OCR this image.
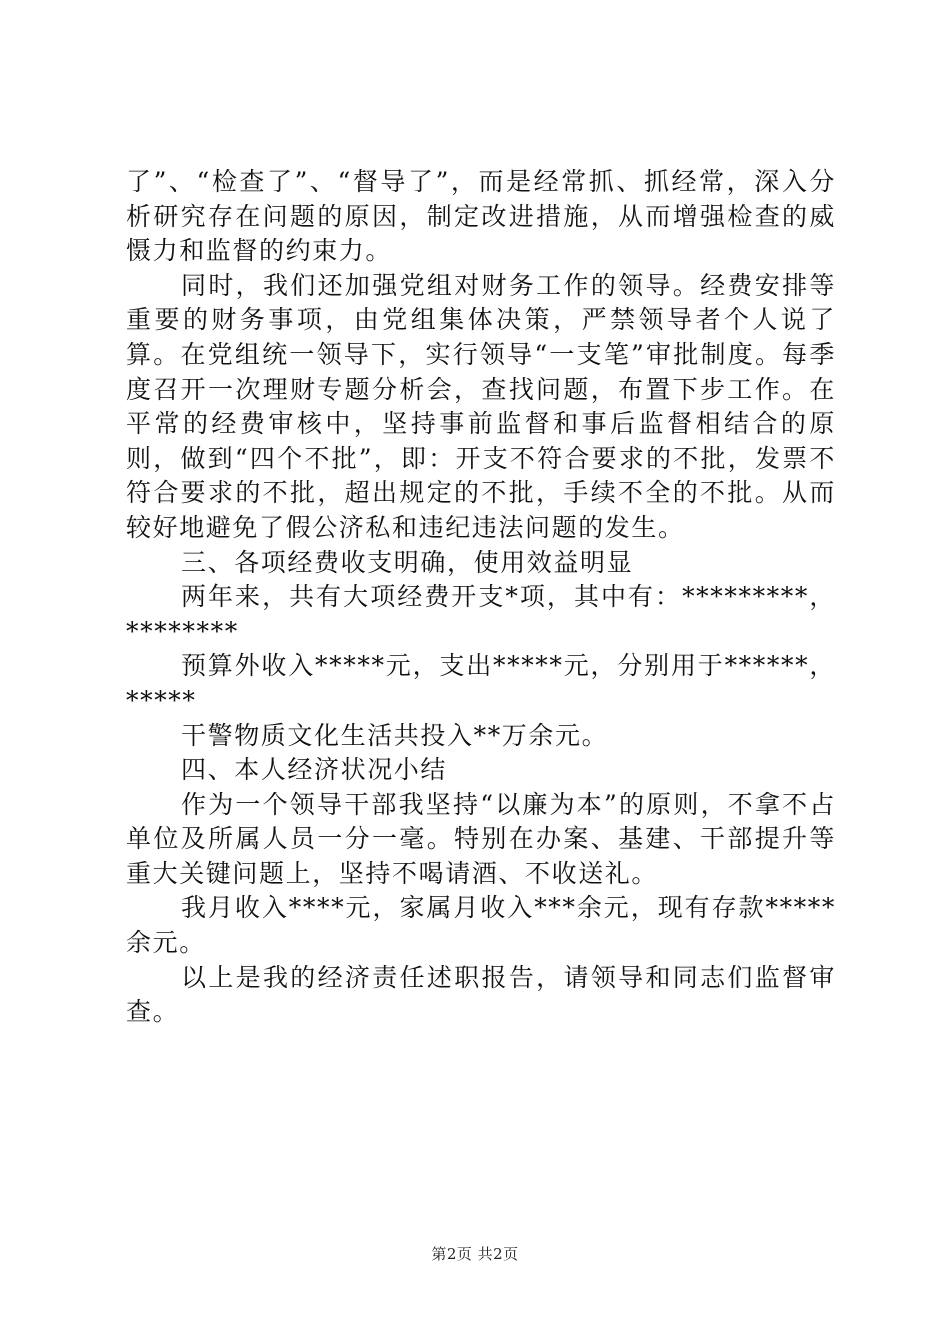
了”、“检查了”、“督导了”，而是经常抓、抓经常，深入分析研究存在问题的原因，制定改进措施，从而增强检查的威慑力和监督的约束力。

同时，我们还加强党组对财务工作的领导。经费安排等重要的财务事项，由党组集体决策，严禁领导者个人说了算。在党组统一领导下，实行领导“一支笔”审批制度。每季度召开一次理财专题分析会，查找问题，布置下步工作。在平常的经费审核中，坚持事前监督和事后监督相结合的原则，做到“四个不批”，即：开支不符合要求的不批，发票不符合要求的不批，超出规定的不批，手续不全的不批。从而较好地避免了假公济私和违纪违法问题的发生。

三、各项经费收支明确，使用效益明显

两年来，共有大项经费开支*项，其中有：*********，********

预算外收入*****元，支出*****元，分别用于******，*****

干警物质文化生活共投入**万余元。

四、本人经济状况小结

作为一个领导干部我坚持“以廉为本”的原则，不拿不占单位及所属人员一分一毫。特别在办案、基建、干部提升等重大关键问题上，坚持不喝请酒、不收送礼。

我月收入****元，家属月收入***余元，现有存款*****余元。

以上是我的经济责任述职报告，请领导和同志们监督审查。

第2页 共2页
